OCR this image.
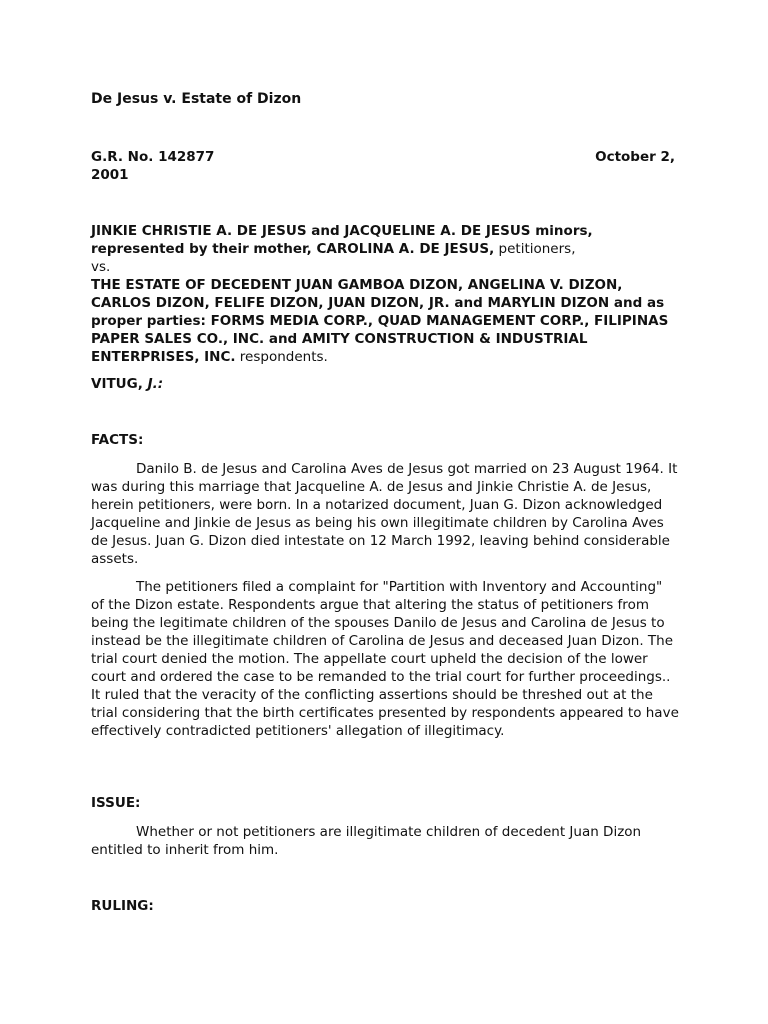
De Jesus v. Estate of Dizon
G.R. No. 142877	October 2,

2001

JINKIE CHRISTIE A. DE JESUS and JACQUELINE A. DE JESUS minors, represented by their mother, CAROLINA A. DE JESUS, petitioners,

vs.

THE ESTATE OF DECEDENT JUAN GAMBOA DIZON, ANGELINA V. DIZON, CARLOS DIZON, FELIFE DIZON, JUAN DIZON, JR. and MARYLIN DIZON and as proper parties: FORMS MEDIA CORP., QUAD MANAGEMENT CORP., FILIPINAS PAPER SALES CO., INC. and AMITY CONSTRUCTION & INDUSTRIAL ENTERPRISES, INC. respondents.

VITUG, J.:
FACTS:

Danilo B. de Jesus and Carolina Aves de Jesus got married on 23 August 1964. It was during this marriage that Jacqueline A. de Jesus and Jinkie Christie A. de Jesus, herein petitioners, were born. In a notarized document, Juan G. Dizon acknowledged Jacqueline and Jinkie de Jesus as being his own illegitimate children by Carolina Aves de Jesus. Juan G. Dizon died intestate on 12 March 1992, leaving behind considerable assets.

The petitioners filed a complaint for "Partition with Inventory and Accounting" of the Dizon estate. Respondents argue that altering the status of petitioners from being the legitimate children of the spouses Danilo de Jesus and Carolina de Jesus to instead be the illegitimate children of Carolina de Jesus and deceased Juan Dizon. The trial court denied the motion. The appellate court upheld the decision of the lower court and ordered the case to be remanded to the trial court for further proceedings.. It ruled that the veracity of the conflicting assertions should be threshed out at the trial considering that the birth certificates presented by respondents appeared to have effectively contradicted petitioners' allegation of illegitimacy.

ISSUE:

Whether or not petitioners are illegitimate children of decedent Juan Dizon entitled to inherit from him.

RULING:
